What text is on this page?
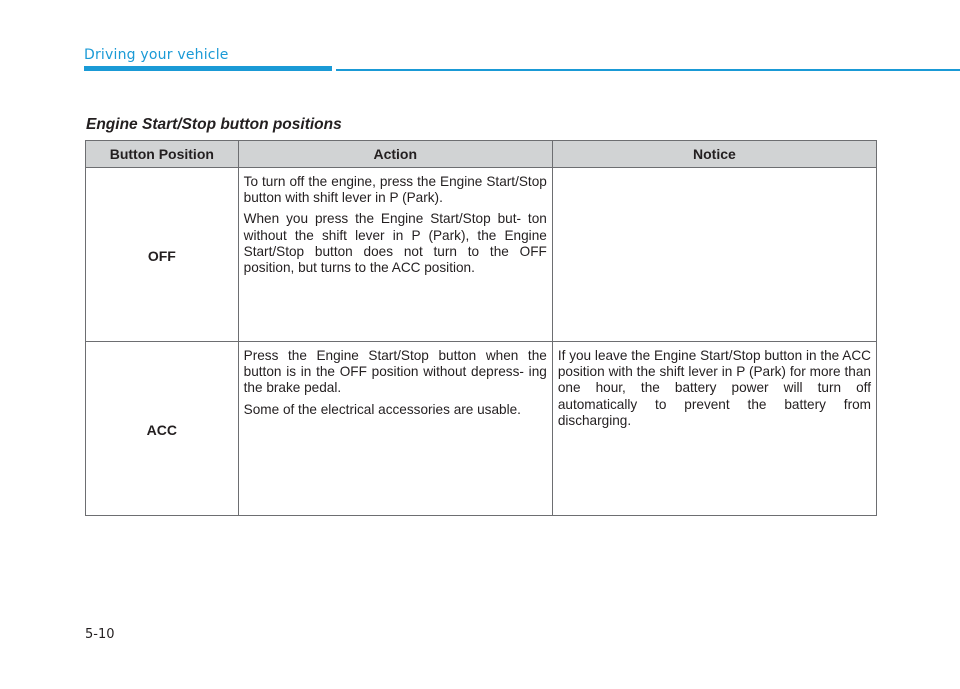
Driving your vehicle
Engine Start/Stop button positions
Button Position	Action	Notice
OFF	To turn off the engine, press the Engine Start/Stop button with shift lever in P (Park).

When you press the Engine Start/Stop but- ton without the shift lever in P (Park), the Engine Start/Stop button does not turn to the OFF position, but turns to the ACC position.	

ACC	Press the Engine Start/Stop button when the button is in the OFF position without depress- ing the brake pedal.

Some of the electrical accessories are usable.	If you leave the Engine Start/Stop button in the ACC position with the shift lever in P (Park) for more than one hour, the battery power will turn off automatically to prevent the battery from discharging.

5-10
